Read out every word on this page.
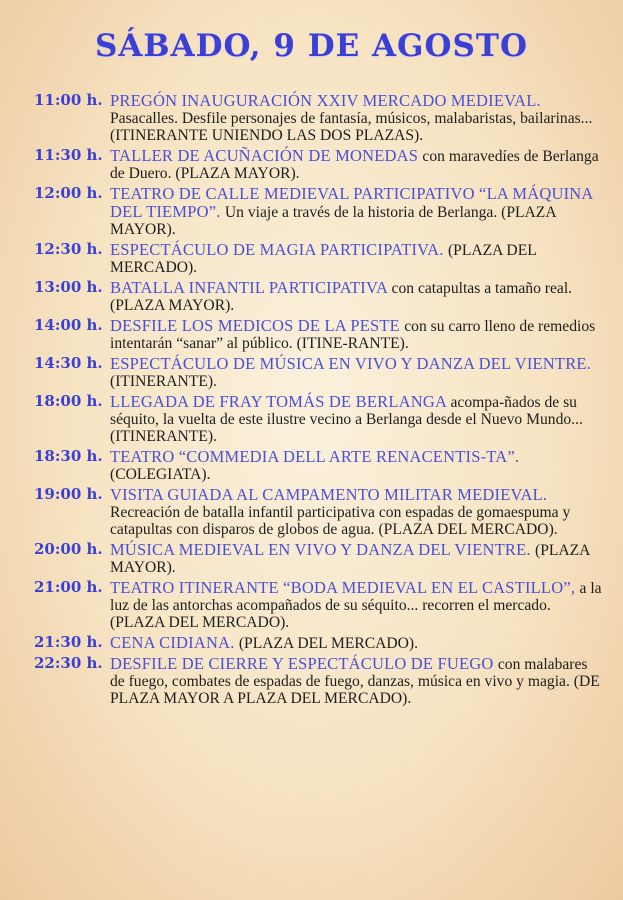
SÁBADO, 9 DE AGOSTO
11:00 h. PREGÓN INAUGURACIÓN XXIV MERCADO MEDIEVAL. Pasacalles. Desfile personajes de fantasía, músicos, malabaristas, bailarinas... (ITINERANTE UNIENDO LAS DOS PLAZAS).
11:30 h. TALLER DE ACUÑACIÓN DE MONEDAS con maravedíes de Berlanga de Duero. (PLAZA MAYOR).
12:00 h. TEATRO DE CALLE MEDIEVAL PARTICIPATIVO “LA MÁQUINA DEL TIEMPO”. Un viaje a través de la historia de Berlanga. (PLAZA MAYOR).
12:30 h. ESPECTÁCULO DE MAGIA PARTICIPATIVA. (PLAZA DEL MERCADO).
13:00 h. BATALLA INFANTIL PARTICIPATIVA con catapultas a tamaño real. (PLAZA MAYOR).
14:00 h. DESFILE LOS MEDICOS DE LA PESTE con su carro lleno de remedios intentarán “sanar” al público. (ITINE-RANTE).
14:30 h. ESPECTÁCULO DE MÚSICA EN VIVO Y DANZA DEL VIENTRE. (ITINERANTE).
18:00 h. LLEGADA DE FRAY TOMÁS DE BERLANGA acompa-ñados de su séquito, la vuelta de este ilustre vecino a Berlanga desde el Nuevo Mundo... (ITINERANTE).
18:30 h. TEATRO “COMMEDIA DELL ARTE RENACENTIS-TA”. (COLEGIATA).
19:00 h. VISITA GUIADA AL CAMPAMENTO MILITAR MEDIEVAL. Recreación de batalla infantil participativa con espadas de gomaespuma y catapultas con disparos de globos de agua. (PLAZA DEL MERCADO).
20:00 h. MÚSICA MEDIEVAL EN VIVO Y DANZA DEL VIENTRE. (PLAZA MAYOR).
21:00 h. TEATRO ITINERANTE “BODA MEDIEVAL EN EL CASTILLO”, a la luz de las antorchas acompañados de su séquito... recorren el mercado. (PLAZA DEL MERCADO).
21:30 h. CENA CIDIANA. (PLAZA DEL MERCADO).
22:30 h. DESFILE DE CIERRE Y ESPECTÁCULO DE FUEGO con malabares de fuego, combates de espadas de fuego, danzas, música en vivo y magia. (DE PLAZA MAYOR A PLAZA DEL MERCADO).
